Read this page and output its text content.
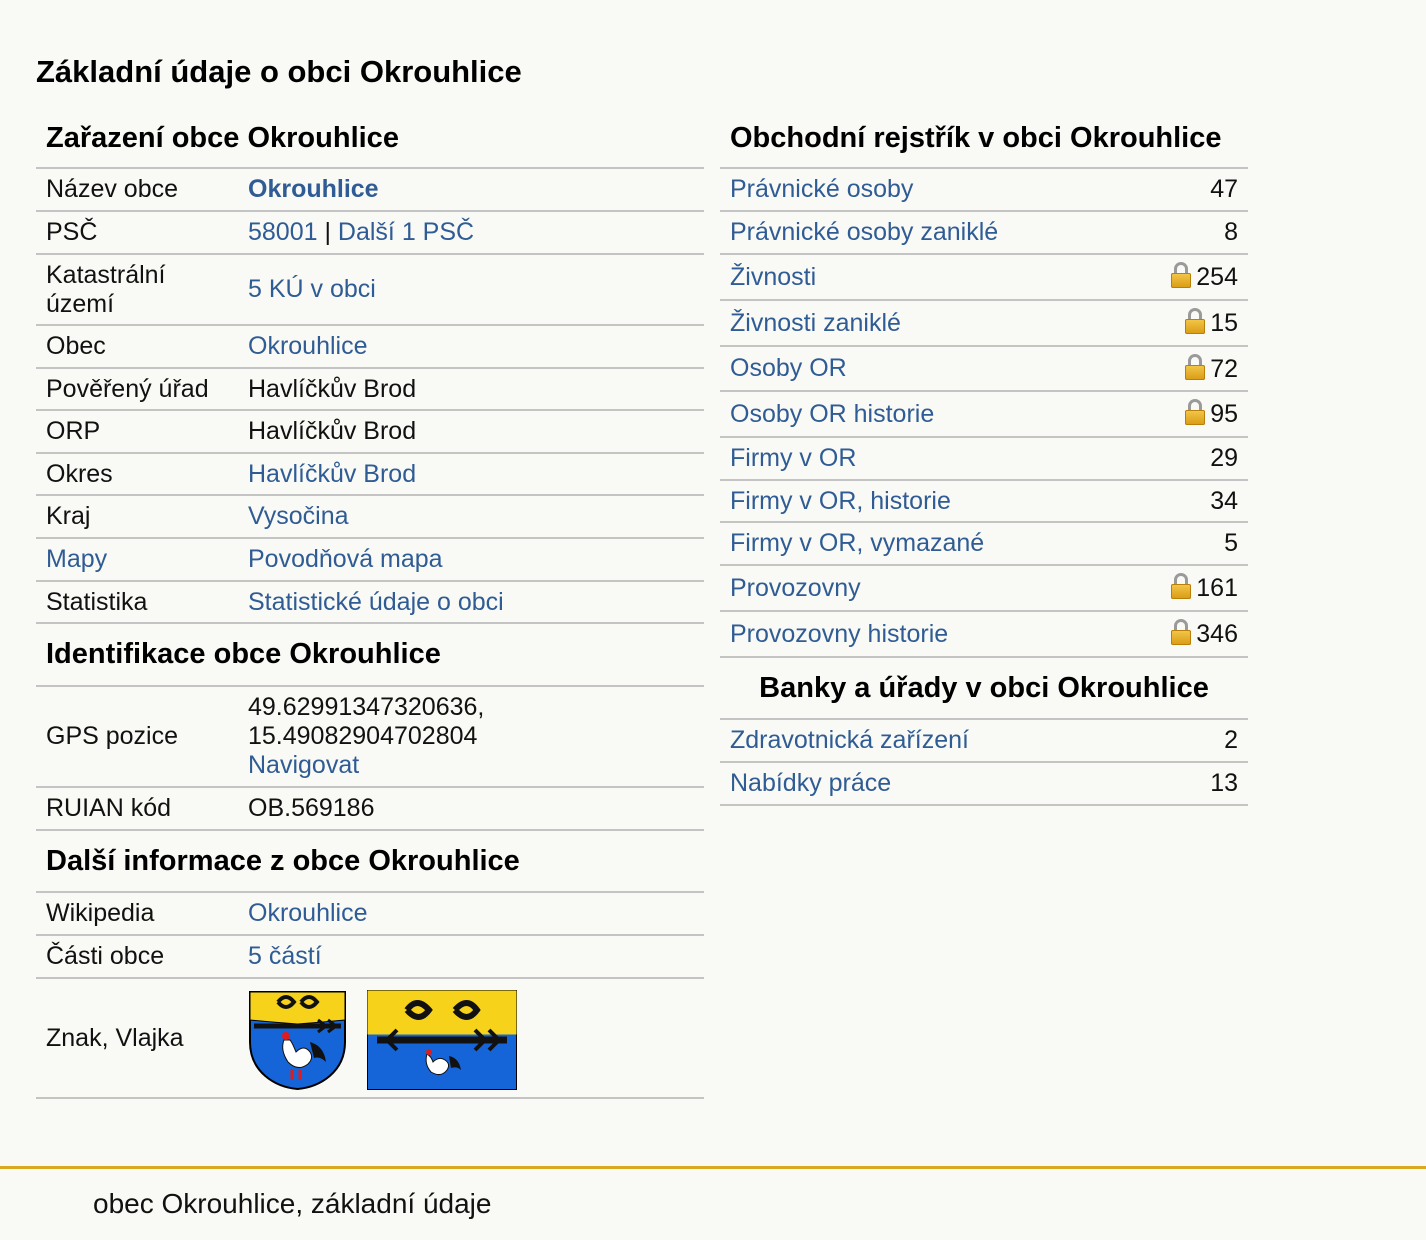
Základní údaje o obci Okrouhlice
Zařazení obce Okrouhlice
Název obce	Okrouhlice
PSČ	58001 | Další 1 PSČ
Katastrální území	5 KÚ v obci
Obec	Okrouhlice
Pověřený úřad	Havlíčkův Brod
ORP	Havlíčkův Brod
Okres	Havlíčkův Brod
Kraj	Vysočina
Mapy	Povodňová mapa
Statistika	Statistické údaje o obci
Identifikace obce Okrouhlice
GPS pozice	49.62991347320636,
15.49082904702804
Navigovat
RUIAN kód	OB.569186
Další informace z obce Okrouhlice
Wikipedia	Okrouhlice
Části obce	5 částí
Znak, Vlajka	
Obchodní rejstřík v obci Okrouhlice
Právnické osoby	47
Právnické osoby zaniklé	8
Živnosti	254
Živnosti zaniklé	15
Osoby OR	72
Osoby OR historie	95
Firmy v OR	29
Firmy v OR, historie	34
Firmy v OR, vymazané	5
Provozovny	161
Provozovny historie	346
Banky a úřady v obci Okrouhlice
Zdravotnická zařízení	2
Nabídky práce	13
obec Okrouhlice, základní údaje
